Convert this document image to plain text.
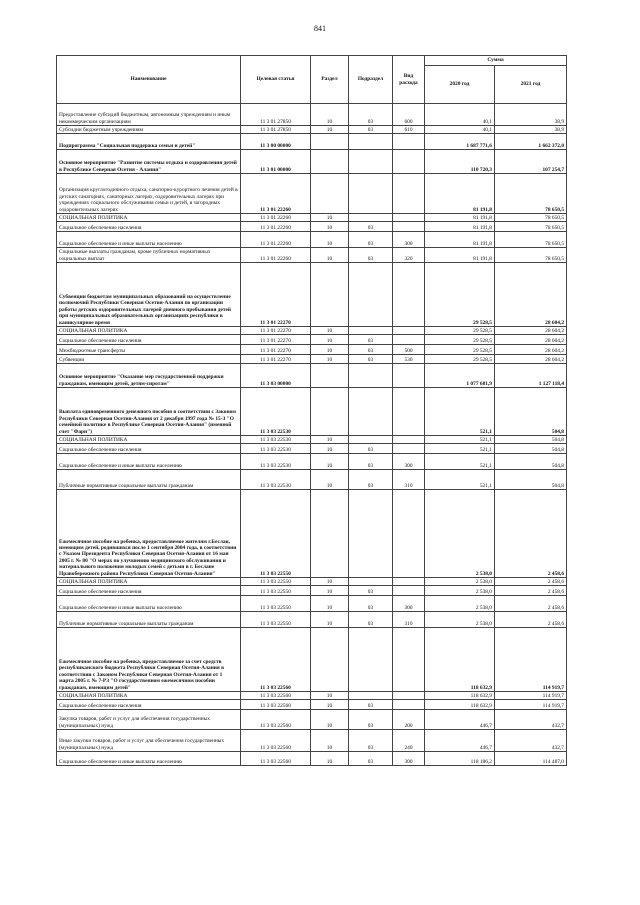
841
Наименование	Целевая статья	Раздел	Подраздел	Вид расхода	Сумма	
					2020 год	2021 год
Предоставление субсидий бюджетным, автономным учреждениям и иным некоммерческим организациям	11 3 01 27850	10	03	600	40,1	38,9
Субсидии бюджетным учреждениям	11 3 01 27850	10	03	610	40,1	38,9
Подпрограмма "Социальная поддержка семьи и детей"	11 3 00 00000				1 687 771,6	1 662 372,0
Основное мероприятие "Развитие системы отдыха и оздоровления детей в Республике Северная Осетия - Алания"	11 3 01 00000				110 720,3	107 254,7
Организация круглогодичного отдыха, санаторно-курортного лечения детей в детских санаториях, санаторных лагерях, оздоровительных лагерях при учреждениях социального обслуживания семьи и детей, в загородных оздоровительных лагерях	11 3 01 22260				81 191,8	78 650,5
СОЦИАЛЬНАЯ ПОЛИТИКА	11 3 01 22260	10			81 191,8	78 650,5
Социальное обеспечение населения	11 3 01 22260	10	03		81 191,8	78 650,5
Социальное обеспечение и иные выплаты населению	11 3 01 22260	10	03	300	81 191,8	78 650,5
Социальные выплаты гражданам, кроме публичных нормативных социальных выплат	11 3 01 22260	10	03	320	81 191,8	78 650,5
Субвенции бюджетам муниципальных образований на осуществление полномочий Республики Северная Осетия-Алания по организации работы детских оздоровительных лагерей дневного пребывания детей при муниципальных образовательных организациях республики в каникулярное время	11 3 01 22270				29 528,5	28 604,2
СОЦИАЛЬНАЯ ПОЛИТИКА	11 3 01 22270	10			29 528,5	28 604,2
Социальное обеспечение населения	11 3 01 22270	10	03		29 528,5	28 604,2
Межбюджетные трансферты	11 3 01 22270	10	03	500	29 528,5	28 604,2
Субвенции	11 3 01 22270	10	03	530	29 528,5	28 604,2
Основное мероприятие "Оказание мер государственной поддержки гражданам, имеющим детей, детям-сиротам"	11 3 03 00000				1 077 681,9	1 127 118,4
Выплата единовременного денежного пособия в соответствии с Законом Республики Северная Осетия-Алания от 2 декабря 1997 года № 15-З "О семейной политике в Республике Северная Осетия-Алания" (именной счет "Фарн")	11 3 03 22530				521,1	504,8
СОЦИАЛЬНАЯ ПОЛИТИКА	11 3 03 22530	10			521,1	504,8
Социальное обеспечение населения	11 3 03 22530	10	03		521,1	504,8
Социальное обеспечение и иные выплаты населению	11 3 03 22530	10	03	300	521,1	504,8
Публичные нормативные социальные выплаты гражданам	11 3 03 22530	10	03	310	521,1	504,8
Ежемесячное пособие на ребенка, предоставляемое жителям г.Беслан, имеющим детей, родившихся после 1 сентября 2004 года, в соответствии с Указом Президента Республики Северная Осетия-Алания от 16 мая 2005 г. № 80 "О мерах по улучшению медицинского обслуживания и материального положения молодых семей с детьми в г. Беслане Правобережного района Республики Северная Осетия-Алания"	11 3 03 22550				2 538,0	2 458,6
СОЦИАЛЬНАЯ ПОЛИТИКА	11 3 03 22550	10			2 538,0	2 458,6
Социальное обеспечение населения	11 3 03 22550	10	03		2 538,0	2 458,6
Социальное обеспечение и иные выплаты населению	11 3 03 22550	10	03	300	2 538,0	2 458,6
Публичные нормативные социальные выплаты гражданам	11 3 03 22550	10	03	310	2 538,0	2 458,6
Ежемесячное пособие на ребенка, предоставляемое за счет средств республиканского бюджета Республики Северная Осетия-Алания в соответствии с Законом Республики Северная Осетия-Алания от 1 марта 2005 г. № 7-РЗ "О государственном ежемесячном пособии гражданам, имеющим детей"	11 3 03 22560				118 632,9	114 919,7
СОЦИАЛЬНАЯ ПОЛИТИКА	11 3 03 22560	10			118 632,9	114 919,7
Социальное обеспечение населения	11 3 03 22560	10	03		118 632,9	114 919,7
Закупка товаров, работ и услуг для обеспечения государственных (муниципальных) нужд	11 3 03 22560	10	03	200	446,7	432,7
Иные закупки товаров, работ и услуг для обеспечения государственных (муниципальных) нужд	11 3 03 22560	10	03	240	446,7	432,7
Социальное обеспечение и иные выплаты населению	11 3 03 22560	10	03	300	118 186,2	114 487,0
